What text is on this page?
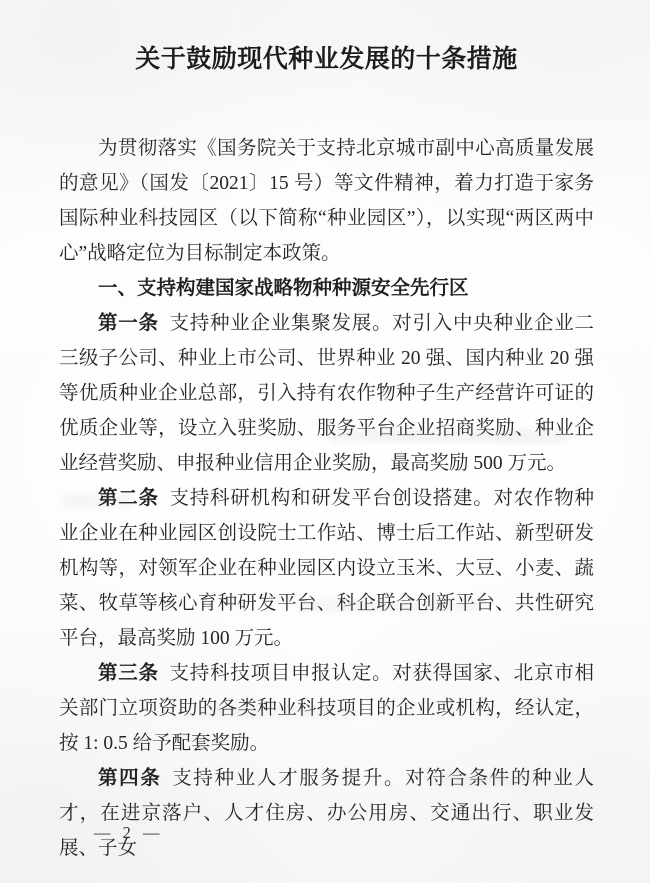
关于鼓励现代种业发展的十条措施

为贯彻落实《国务院关于支持北京城市副中心高质量发展的意见》（国发〔2021〕15 号）等文件精神，着力打造于家务国际种业科技园区（以下简称“种业园区”），以实现“两区两中心”战略定位为目标制定本政策。

一、支持构建国家战略物种种源安全先行区

第一条 支持种业企业集聚发展。对引入中央种业企业二三级子公司、种业上市公司、世界种业 20 强、国内种业 20 强等优质种业企业总部，引入持有农作物种子生产经营许可证的优质企业等，设立入驻奖励、服务平台企业招商奖励、种业企业经营奖励、申报种业信用企业奖励，最高奖励 500 万元。

第二条 支持科研机构和研发平台创设搭建。对农作物种业企业在种业园区创设院士工作站、博士后工作站、新型研发机构等，对领军企业在种业园区内设立玉米、大豆、小麦、蔬菜、牧草等核心育种研发平台、科企联合创新平台、共性研究平台，最高奖励 100 万元。

第三条 支持科技项目申报认定。对获得国家、北京市相关部门立项资助的各类种业科技项目的企业或机构，经认定，按 1: 0.5 给予配套奖励。

第四条 支持种业人才服务提升。对符合条件的种业人才，在进京落户、人才住房、办公用房、交通出行、职业发展、子女

— 2 —
